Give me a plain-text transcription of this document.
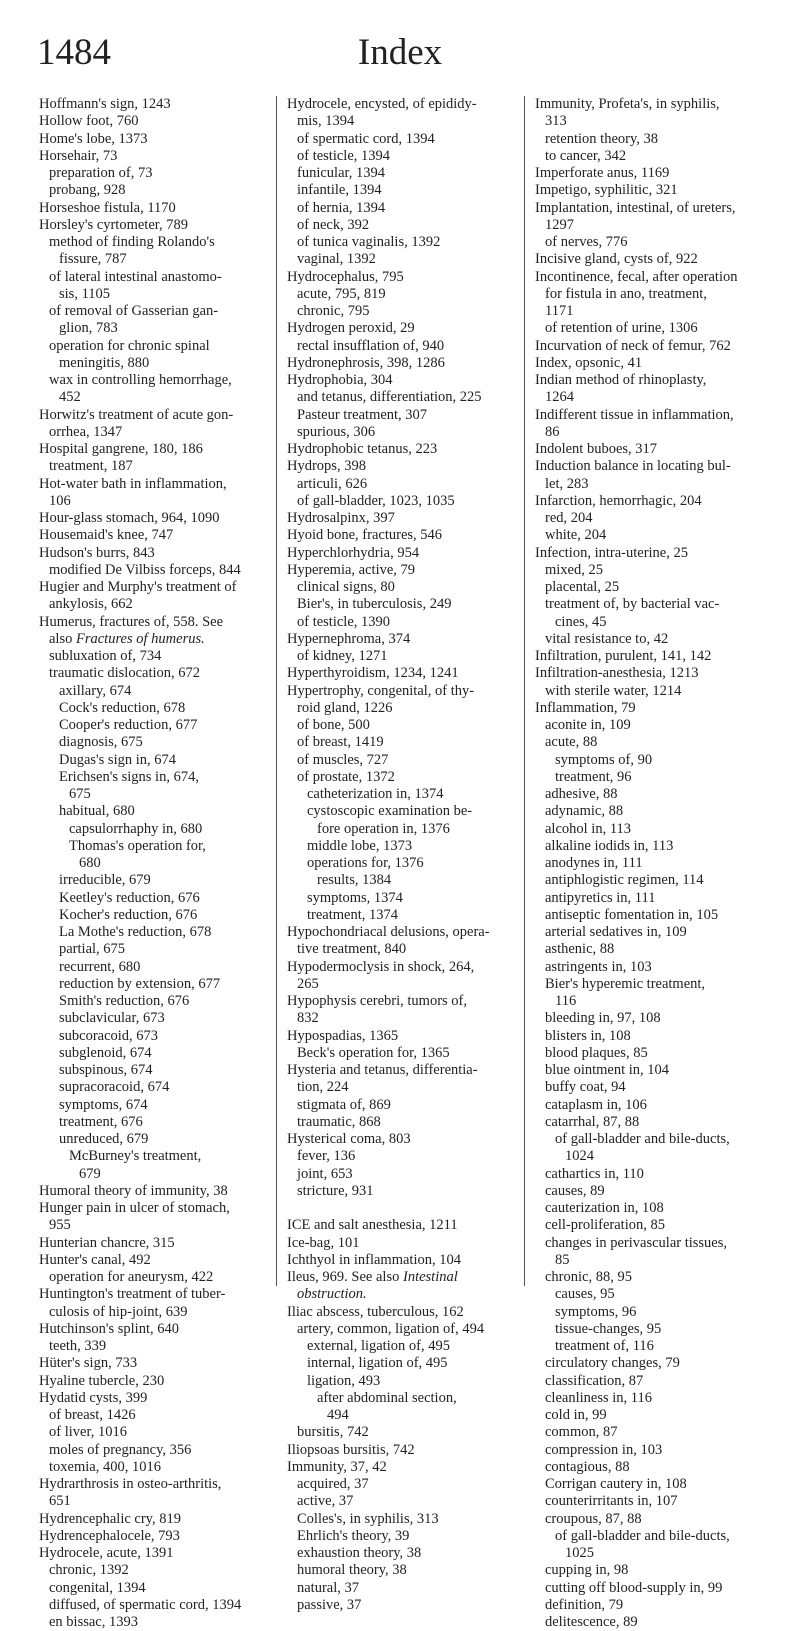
1484	Index
Hoffmann's sign, 1243
Hollow foot, 760
Home's lobe, 1373
Horsehair, 73
preparation of, 73
probang, 928
Horseshoe fistula, 1170
Horsley's cyrtometer, 789
method of finding Rolando's
fissure, 787
of lateral intestinal anastomo-
sis, 1105
of removal of Gasserian gan-
glion, 783
operation for chronic spinal
meningitis, 880
wax in controlling hemorrhage,
452
Horwitz's treatment of acute gon-
orrhea, 1347
Hospital gangrene, 180, 186
treatment, 187
Hot-water bath in inflammation,
106
Hour-glass stomach, 964, 1090
Housemaid's knee, 747
Hudson's burrs, 843
modified De Vilbiss forceps, 844
Hugier and Murphy's treatment of
ankylosis, 662
Humerus, fractures of, 558. See
also Fractures of humerus.
subluxation of, 734
traumatic dislocation, 672
axillary, 674
Cock's reduction, 678
Cooper's reduction, 677
diagnosis, 675
Dugas's sign in, 674
Erichsen's signs in, 674,
675
habitual, 680
capsulorrhaphy in, 680
Thomas's operation for,
680
irreducible, 679
Keetley's reduction, 676
Kocher's reduction, 676
La Mothe's reduction, 678
partial, 675
recurrent, 680
reduction by extension, 677
Smith's reduction, 676
subclavicular, 673
subcoracoid, 673
subglenoid, 674
subspinous, 674
supracoracoid, 674
symptoms, 674
treatment, 676
unreduced, 679
McBurney's treatment,
679
Humoral theory of immunity, 38
Hunger pain in ulcer of stomach,
955
Hunterian chancre, 315
Hunter's canal, 492
operation for aneurysm, 422
Huntington's treatment of tuber-
culosis of hip-joint, 639
Hutchinson's splint, 640
teeth, 339
Hüter's sign, 733
Hyaline tubercle, 230
Hydatid cysts, 399
of breast, 1426
of liver, 1016
moles of pregnancy, 356
toxemia, 400, 1016
Hydrarthrosis in osteo-arthritis,
651
Hydrencephalic cry, 819
Hydrencephalocele, 793
Hydrocele, acute, 1391
chronic, 1392
congenital, 1394
diffused, of spermatic cord, 1394
en bissac, 1393
Hydrocele, encysted, of epididy-
mis, 1394
of spermatic cord, 1394
of testicle, 1394
funicular, 1394
infantile, 1394
of hernia, 1394
of neck, 392
of tunica vaginalis, 1392
vaginal, 1392
Hydrocephalus, 795
acute, 795, 819
chronic, 795
Hydrogen peroxid, 29
rectal insufflation of, 940
Hydronephrosis, 398, 1286
Hydrophobia, 304
and tetanus, differentiation, 225
Pasteur treatment, 307
spurious, 306
Hydrophobic tetanus, 223
Hydrops, 398
articuli, 626
of gall-bladder, 1023, 1035
Hydrosalpinx, 397
Hyoid bone, fractures, 546
Hyperchlorhydria, 954
Hyperemia, active, 79
clinical signs, 80
Bier's, in tuberculosis, 249
of testicle, 1390
Hypernephroma, 374
of kidney, 1271
Hyperthyroidism, 1234, 1241
Hypertrophy, congenital, of thy-
roid gland, 1226
of bone, 500
of breast, 1419
of muscles, 727
of prostate, 1372
catheterization in, 1374
cystoscopic examination be-
fore operation in, 1376
middle lobe, 1373
operations for, 1376
results, 1384
symptoms, 1374
treatment, 1374
Hypochondriacal delusions, opera-
tive treatment, 840
Hypodermoclysis in shock, 264,
265
Hypophysis cerebri, tumors of,
832
Hypospadias, 1365
Beck's operation for, 1365
Hysteria and tetanus, differentia-
tion, 224
stigmata of, 869
traumatic, 868
Hysterical coma, 803
fever, 136
joint, 653
stricture, 931
ICE and salt anesthesia, 1211
Ice-bag, 101
Ichthyol in inflammation, 104
Ileus, 969. See also Intestinal
obstruction.
Iliac abscess, tuberculous, 162
artery, common, ligation of, 494
external, ligation of, 495
internal, ligation of, 495
ligation, 493
after abdominal section,
494
bursitis, 742
Iliopsoas bursitis, 742
Immunity, 37, 42
acquired, 37
active, 37
Colles's, in syphilis, 313
Ehrlich's theory, 39
exhaustion theory, 38
humoral theory, 38
natural, 37
passive, 37
Immunity, Profeta's, in syphilis,
313
retention theory, 38
to cancer, 342
Imperforate anus, 1169
Impetigo, syphilitic, 321
Implantation, intestinal, of ureters,
1297
of nerves, 776
Incisive gland, cysts of, 922
Incontinence, fecal, after operation
for fistula in ano, treatment,
1171
of retention of urine, 1306
Incurvation of neck of femur, 762
Index, opsonic, 41
Indian method of rhinoplasty,
1264
Indifferent tissue in inflammation,
86
Indolent buboes, 317
Induction balance in locating bul-
let, 283
Infarction, hemorrhagic, 204
red, 204
white, 204
Infection, intra-uterine, 25
mixed, 25
placental, 25
treatment of, by bacterial vac-
cines, 45
vital resistance to, 42
Infiltration, purulent, 141, 142
Infiltration-anesthesia, 1213
with sterile water, 1214
Inflammation, 79
aconite in, 109
acute, 88
symptoms of, 90
treatment, 96
adhesive, 88
adynamic, 88
alcohol in, 113
alkaline iodids in, 113
anodynes in, 111
antiphlogistic regimen, 114
antipyretics in, 111
antiseptic fomentation in, 105
arterial sedatives in, 109
asthenic, 88
astringents in, 103
Bier's hyperemic treatment,
116
bleeding in, 97, 108
blisters in, 108
blood plaques, 85
blue ointment in, 104
buffy coat, 94
cataplasm in, 106
catarrhal, 87, 88
of gall-bladder and bile-ducts,
1024
cathartics in, 110
causes, 89
cauterization in, 108
cell-proliferation, 85
changes in perivascular tissues,
85
chronic, 88, 95
causes, 95
symptoms, 96
tissue-changes, 95
treatment of, 116
circulatory changes, 79
classification, 87
cleanliness in, 116
cold in, 99
common, 87
compression in, 103
contagious, 88
Corrigan cautery in, 108
counterirritants in, 107
croupous, 87, 88
of gall-bladder and bile-ducts,
1025
cupping in, 98
cutting off blood-supply in, 99
definition, 79
delitescence, 89
